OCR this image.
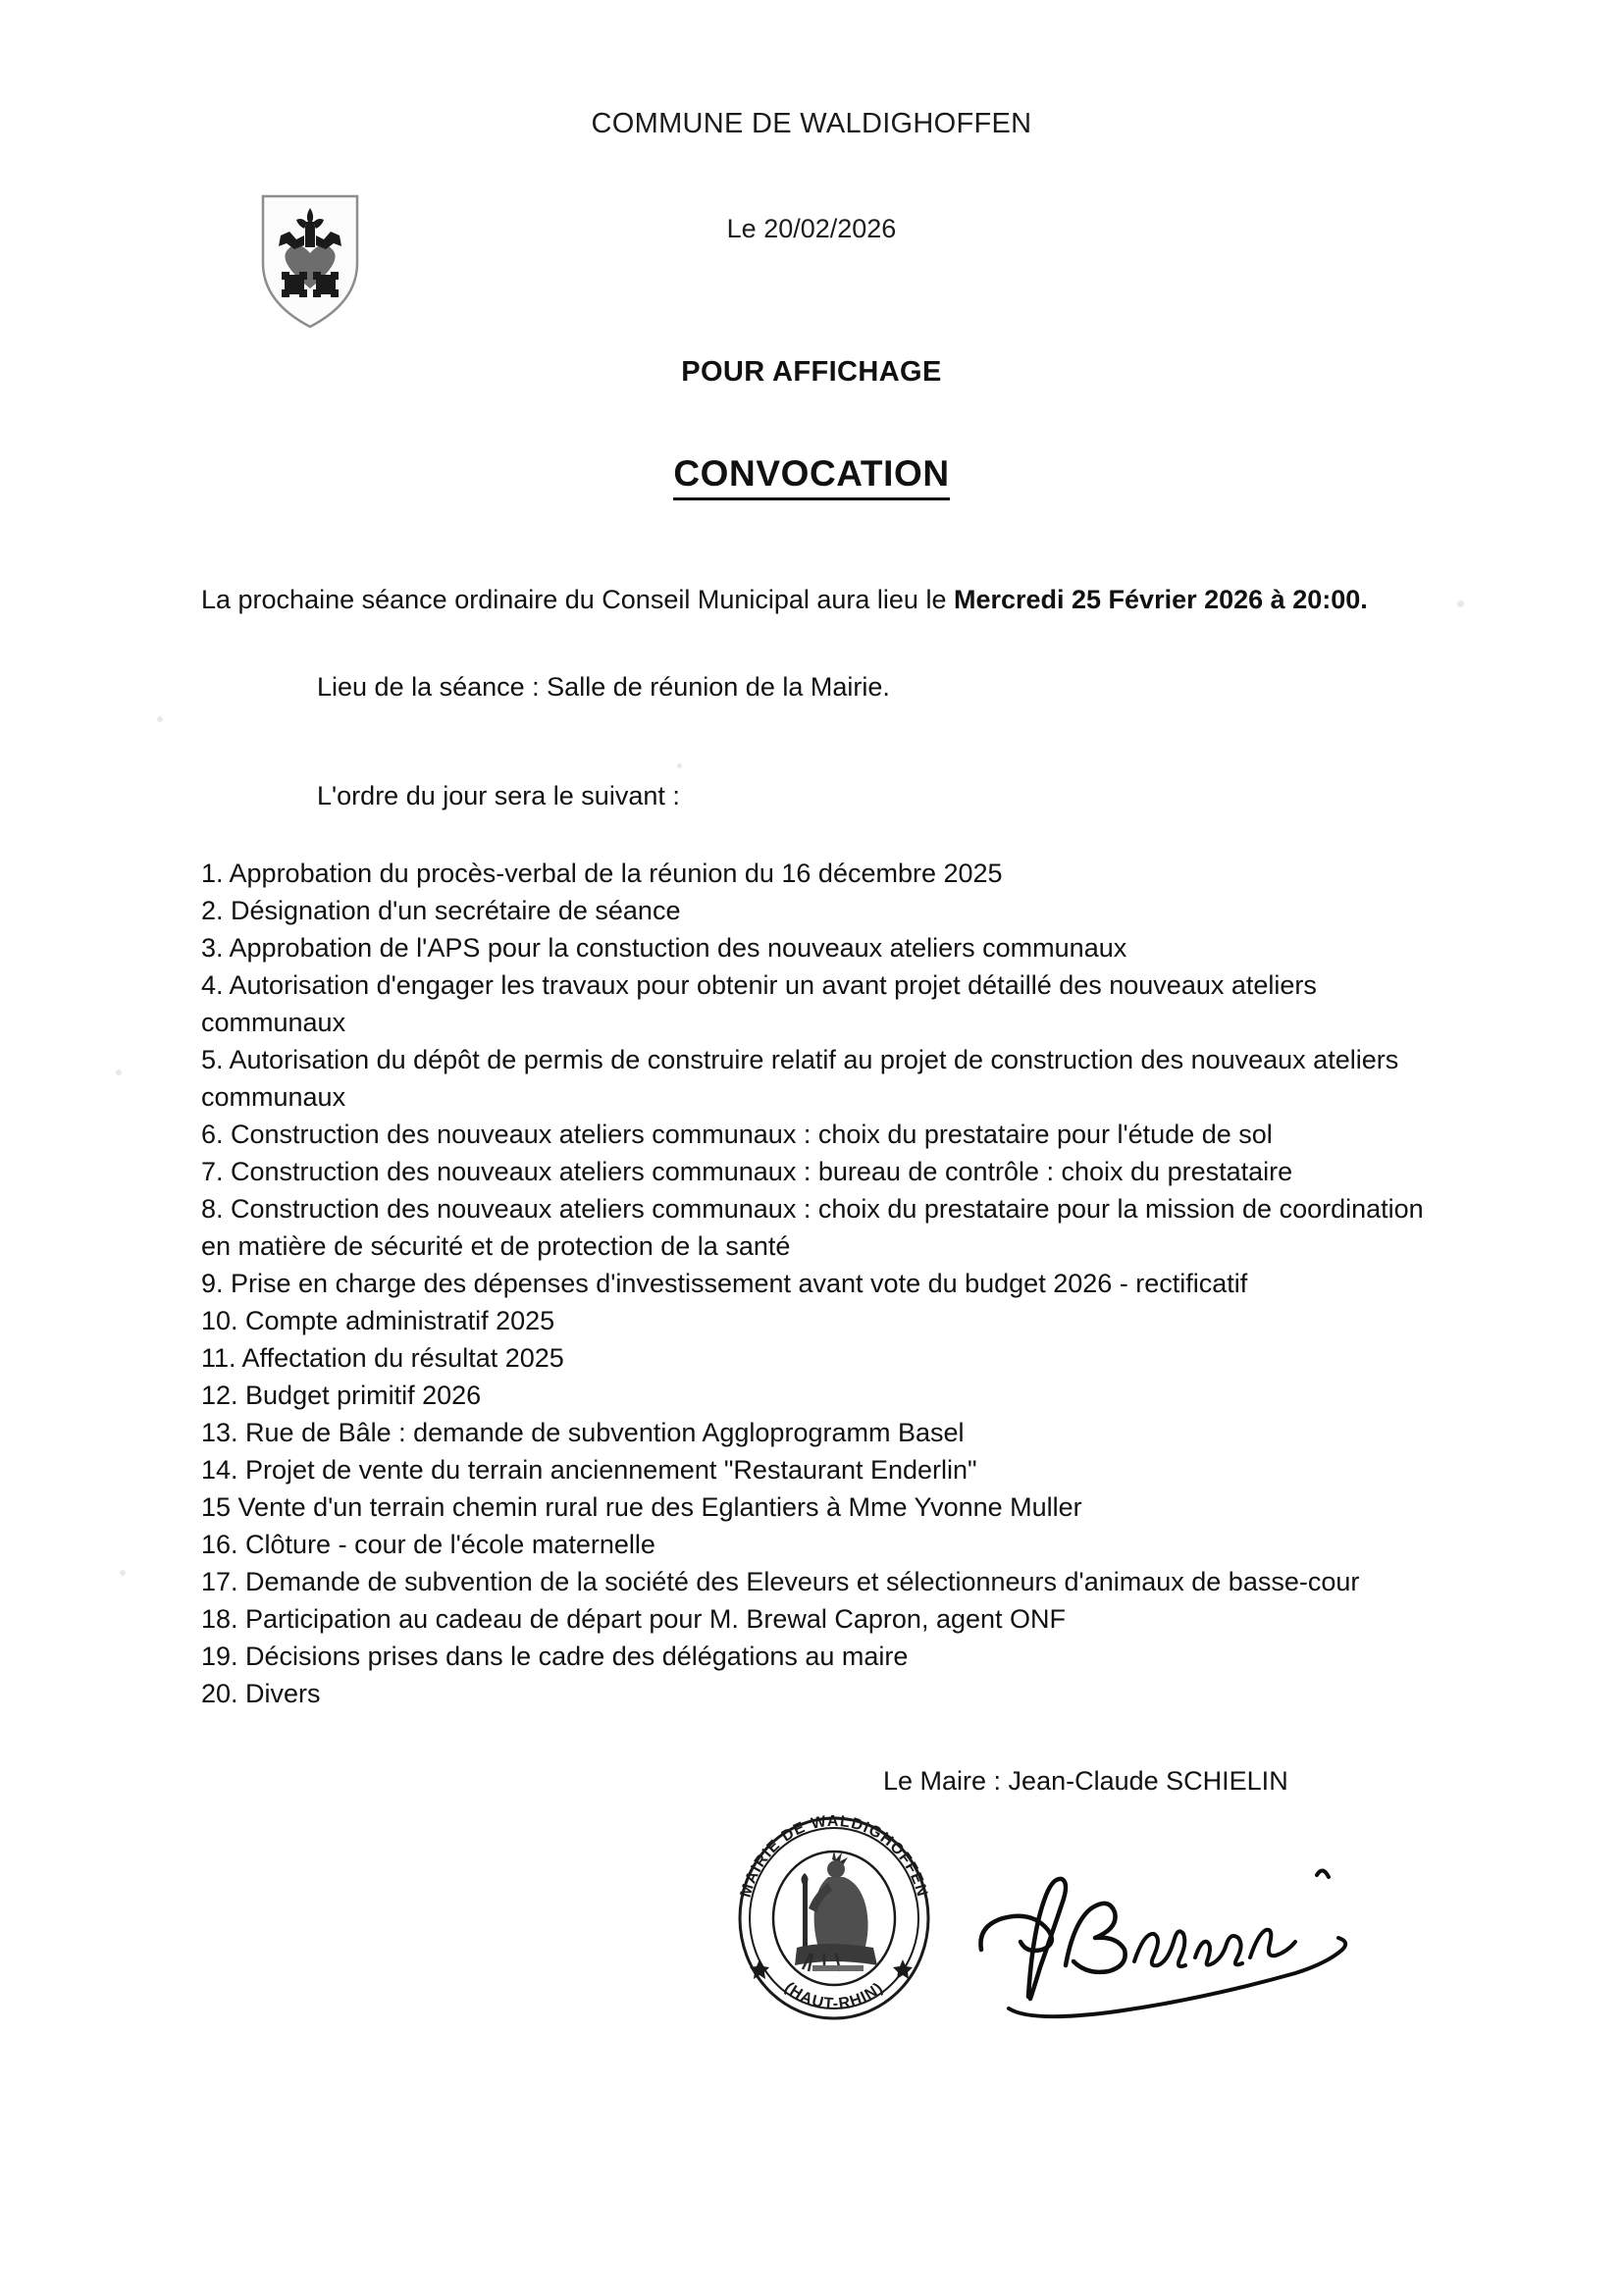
COMMUNE DE WALDIGHOFFEN
Le 20/02/2026
POUR AFFICHAGE
CONVOCATION

La prochaine séance ordinaire du Conseil Municipal aura lieu le Mercredi 25 Février 2026 à 20:00.

Lieu de la séance : Salle de réunion de la Mairie.

L'ordre du jour sera le suivant :

1. Approbation du procès-verbal de la réunion du 16 décembre 2025
2. Désignation d'un secrétaire de séance
3. Approbation de l'APS pour la constuction des nouveaux ateliers communaux
4. Autorisation d'engager les travaux pour obtenir un avant projet détaillé des nouveaux ateliers communaux
5. Autorisation du dépôt de permis de construire relatif au projet de construction des nouveaux ateliers communaux
6. Construction des nouveaux ateliers communaux : choix du prestataire pour l'étude de sol
7. Construction des nouveaux ateliers communaux : bureau de contrôle : choix du prestataire
8. Construction des nouveaux ateliers communaux : choix du prestataire pour la mission de coordination en matière de sécurité et de protection de la santé
9. Prise en charge des dépenses d'investissement avant vote du budget 2026 - rectificatif
10. Compte administratif 2025
11. Affectation du résultat 2025
12. Budget primitif 2026
13. Rue de Bâle : demande de subvention Aggloprogramm Basel
14. Projet de vente du terrain anciennement "Restaurant Enderlin"
15 Vente d'un terrain chemin rural rue des Eglantiers à Mme Yvonne Muller
16. Clôture - cour de l'école maternelle
17. Demande de subvention de la société des Eleveurs et sélectionneurs d'animaux de basse-cour
18. Participation au cadeau de départ pour M. Brewal Capron, agent ONF
19. Décisions prises dans le cadre des délégations au maire
20. Divers
Le Maire : Jean-Claude SCHIELIN
MAIRIE DE WALDIGHOFFEN
(HAUT-RHIN)
